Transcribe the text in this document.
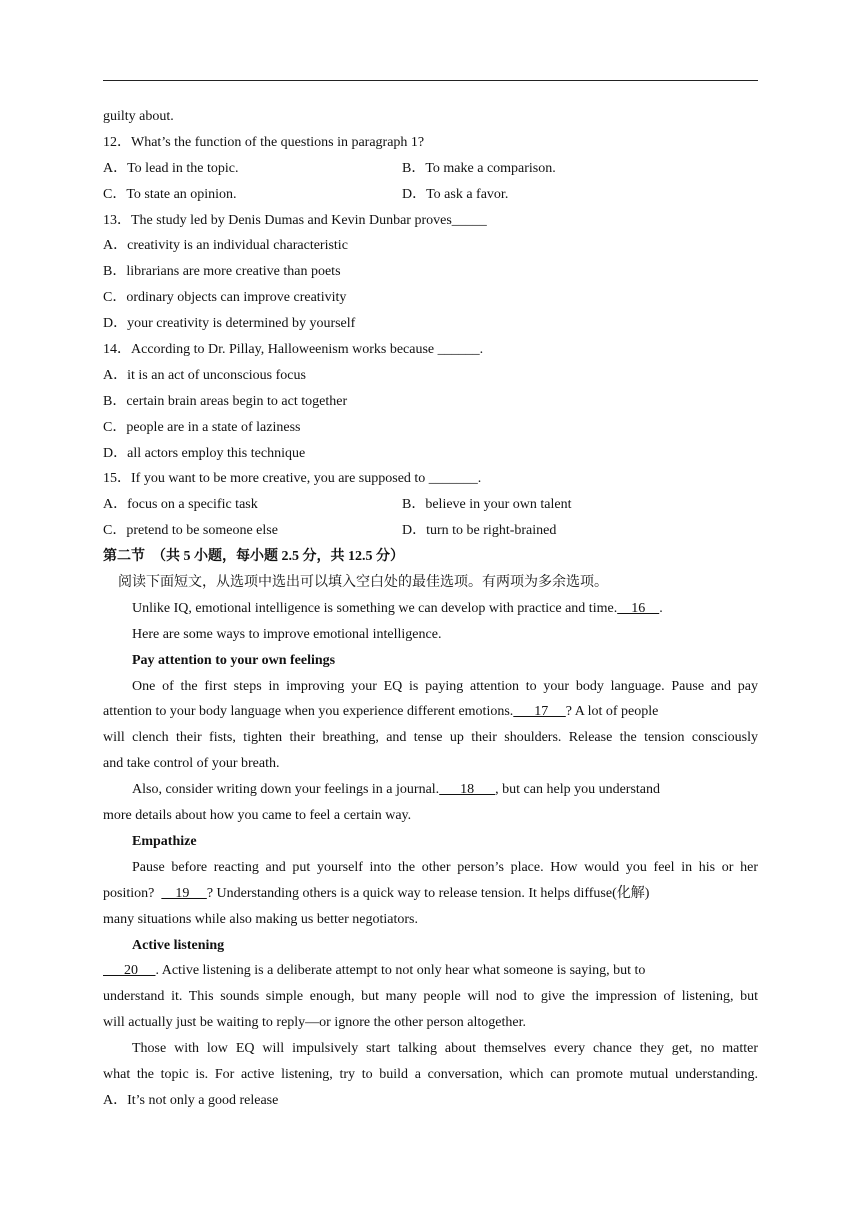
guilty about.
12．What’s the function of the questions in paragraph 1?
A．To lead in the topic.	B．To make a comparison.
C．To state an opinion.	D．To ask a favor.
13．The study led by Denis Dumas and Kevin Dunbar proves_____
A．creativity is an individual characteristic
B．librarians are more creative than poets
C．ordinary objects can improve creativity
D．your creativity is determined by yourself
14．According to Dr. Pillay, Halloweenism works because ______.
A．it is an act of unconscious focus
B．certain brain areas begin to act together
C．people are in a state of laziness
D．all actors employ this technique
15．If you want to be more creative, you are supposed to _______.
A．focus on a specific task	B．believe in your own talent
C．pretend to be someone else	D．turn to be right-brained
第二节  （共 5 小题，每小题 2.5 分，共 12.5 分）
阅读下面短文，从选项中选出可以填入空白处的最佳选项。有两项为多余选项。
Unlike IQ, emotional intelligence is something we can develop with practice and time.    16    .
Here are some ways to improve emotional intelligence.
Pay attention to your own feelings
One of the first steps in improving your EQ is paying attention to your body language. Pause and pay
attention to your body language when you experience different emotions.      17     ? A lot of people
will clench their fists, tighten their breathing, and tense up their shoulders. Release the tension consciously
and take control of your breath.
Also, consider writing down your feelings in a journal.      18      , but can help you understand
more details about how you came to feel a certain way.
Empathize
Pause before reacting and put yourself into the other person’s place. How would you feel in his or her
position?      19     ? Understanding others is a quick way to release tension. It helps diffuse(化解)
many situations while also making us better negotiators.
Active listening
20     . Active listening is a deliberate attempt to not only hear what someone is saying, but to
understand it. This sounds simple enough, but many people will nod to give the impression of listening, but
will actually just be waiting to reply—or ignore the other person altogether.
Those with low EQ will impulsively start talking about themselves every chance they get, no matter
what the topic is. For active listening, try to build a conversation, which can promote mutual understanding.
A．It’s not only a good release
